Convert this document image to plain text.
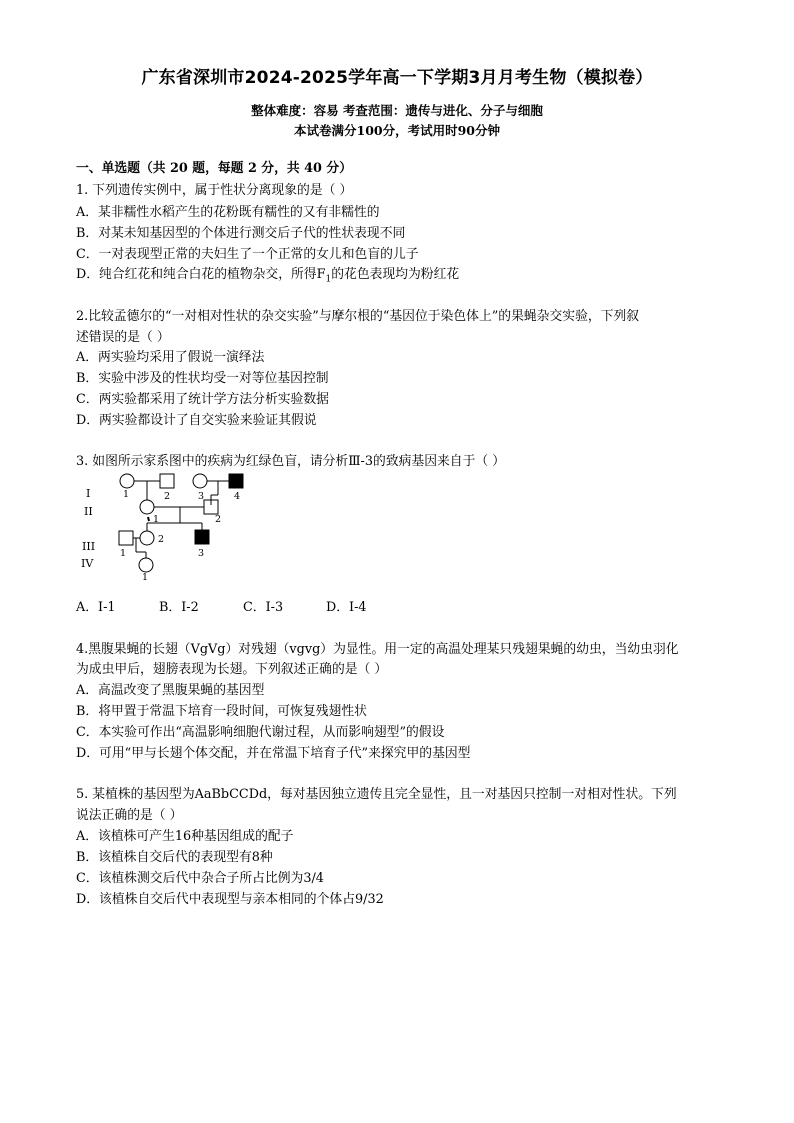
广东省深圳市2024-2025学年高一下学期3月月考生物（模拟卷）
整体难度：容易 考查范围：遗传与进化、分子与细胞
本试卷满分100分，考试用时90分钟
一、单选题（共 20 题，每题 2 分，共 40 分）
1. 下列遗传实例中，属于性状分离现象的是（ ）
A．某非糯性水稻产生的花粉既有糯性的又有非糯性的
B．对某未知基因型的个体进行测交后子代的性状表现不同
C．一对表现型正常的夫妇生了一个正常的女儿和色盲的儿子
D．纯合红花和纯合白花的植物杂交，所得$F_1$的花色表现均为粉红花
2.比较孟德尔的“一对相对性状的杂交实验”与摩尔根的“基因位于染色体上”的果蝇杂交实验，下列叙
述错误的是（ ）
A．两实验均采用了假说一演绎法
B．实验中涉及的性状均受一对等位基因控制
C．两实验都采用了统计学方法分析实验数据
D．两实验都设计了自交实验来验证其假说
3. 如图所示家系图中的疾病为红绿色盲，请分析Ⅲ-3的致病基因来自于（ ）
I
II
III
IV
1	2	3	4
1	2
1
2
3
1
A．Ⅰ-1	B．Ⅰ-2	C．Ⅰ-3	D．Ⅰ-4
4.黑腹果蝇的长翅（VgVg）对残翅（vgvg）为显性。用一定的高温处理某只残翅果蝇的幼虫，当幼虫羽化
为成虫甲后，翅膀表现为长翅。下列叙述正确的是（ ）
A．高温改变了黑腹果蝇的基因型
B．将甲置于常温下培育一段时间，可恢复残翅性状
C．本实验可作出“高温影响细胞代谢过程，从而影响翅型”的假设
D．可用“甲与长翅个体交配，并在常温下培育子代”来探究甲的基因型
5. 某植株的基因型为AaBbCCDd，每对基因独立遗传且完全显性，且一对基因只控制一对相对性状。下列
说法正确的是（ ）
A．该植株可产生16种基因组成的配子
B．该植株自交后代的表现型有8种
C．该植株测交后代中杂合子所占比例为3/4
D．该植株自交后代中表现型与亲本相同的个体占9/32
